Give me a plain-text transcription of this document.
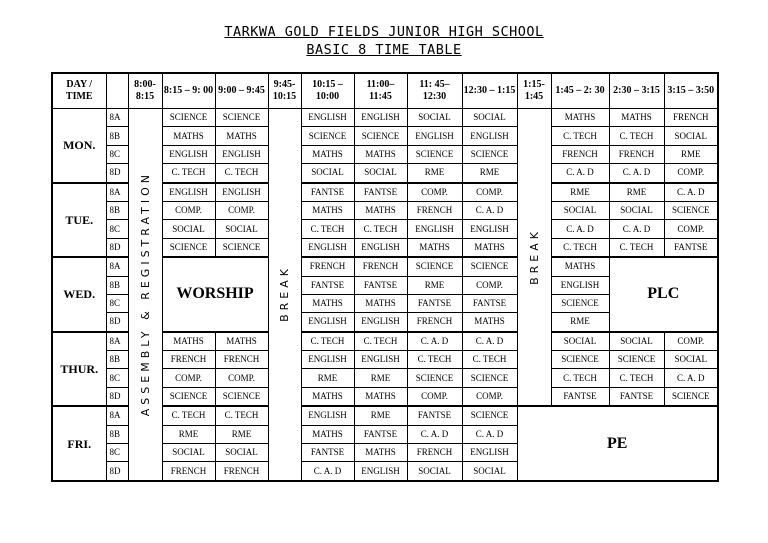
TARKWA GOLD FIELDS JUNIOR HIGH SCHOOL
BASIC 8 TIME TABLE
DAY / TIME		8:00- 8:15	8:15 – 9: 00	9:00 – 9:45	9:45- 10:15	10:15 – 10:00	11:00– 11:45	11: 45– 12:30	12:30 – 1:15	1:15- 1:45	1:45 – 2: 30	2:30 – 3:15	3:15 – 3:50
MON.	8A	ASSEMBLY & REGISTRATION	SCIENCE	SCIENCE	BREAK	ENGLISH	ENGLISH	SOCIAL	SOCIAL	BREAK	MATHS	MATHS	FRENCH
	8B		MATHS	MATHS		SCIENCE	SCIENCE	ENGLISH	ENGLISH		C. TECH	C. TECH	SOCIAL
	8C		ENGLISH	ENGLISH		MATHS	MATHS	SCIENCE	SCIENCE		FRENCH	FRENCH	RME
	8D		C. TECH	C. TECH		SOCIAL	SOCIAL	RME	RME		C. A. D	C. A. D	COMP.
TUE.	8A		ENGLISH	ENGLISH		FANTSE	FANTSE	COMP.	COMP.		RME	RME	C. A. D
	8B		COMP.	COMP.		MATHS	MATHS	FRENCH	C. A. D		SOCIAL	SOCIAL	SCIENCE
	8C		SOCIAL	SOCIAL		C. TECH	C. TECH	ENGLISH	ENGLISH		C. A. D	C. A. D	COMP.
	8D		SCIENCE	SCIENCE		ENGLISH	ENGLISH	MATHS	MATHS		C. TECH	C. TECH	FANTSE
WED.	8A		WORSHIP			FRENCH	FRENCH	SCIENCE	SCIENCE		MATHS	PLC	
	8B					FANTSE	FANTSE	RME	COMP.		ENGLISH		
	8C					MATHS	MATHS	FANTSE	FANTSE		SCIENCE		
	8D					ENGLISH	ENGLISH	FRENCH	MATHS		RME		
THUR.	8A		MATHS	MATHS		C. TECH	C. TECH	C. A. D	C. A. D		SOCIAL	SOCIAL	COMP.
	8B		FRENCH	FRENCH		ENGLISH	ENGLISH	C. TECH	C. TECH		SCIENCE	SCIENCE	SOCIAL
	8C		COMP.	COMP.		RME	RME	SCIENCE	SCIENCE		C. TECH	C. TECH	C. A. D
	8D		SCIENCE	SCIENCE		MATHS	MATHS	COMP.	COMP.		FANTSE	FANTSE	SCIENCE
FRI.	8A		C. TECH	C. TECH		ENGLISH	RME	FANTSE	SCIENCE	PE			
	8B		RME	RME		MATHS	FANTSE	C. A. D	C. A. D				
	8C		SOCIAL	SOCIAL		FANTSE	MATHS	FRENCH	ENGLISH				
	8D		FRENCH	FRENCH		C. A. D	ENGLISH	SOCIAL	SOCIAL				
